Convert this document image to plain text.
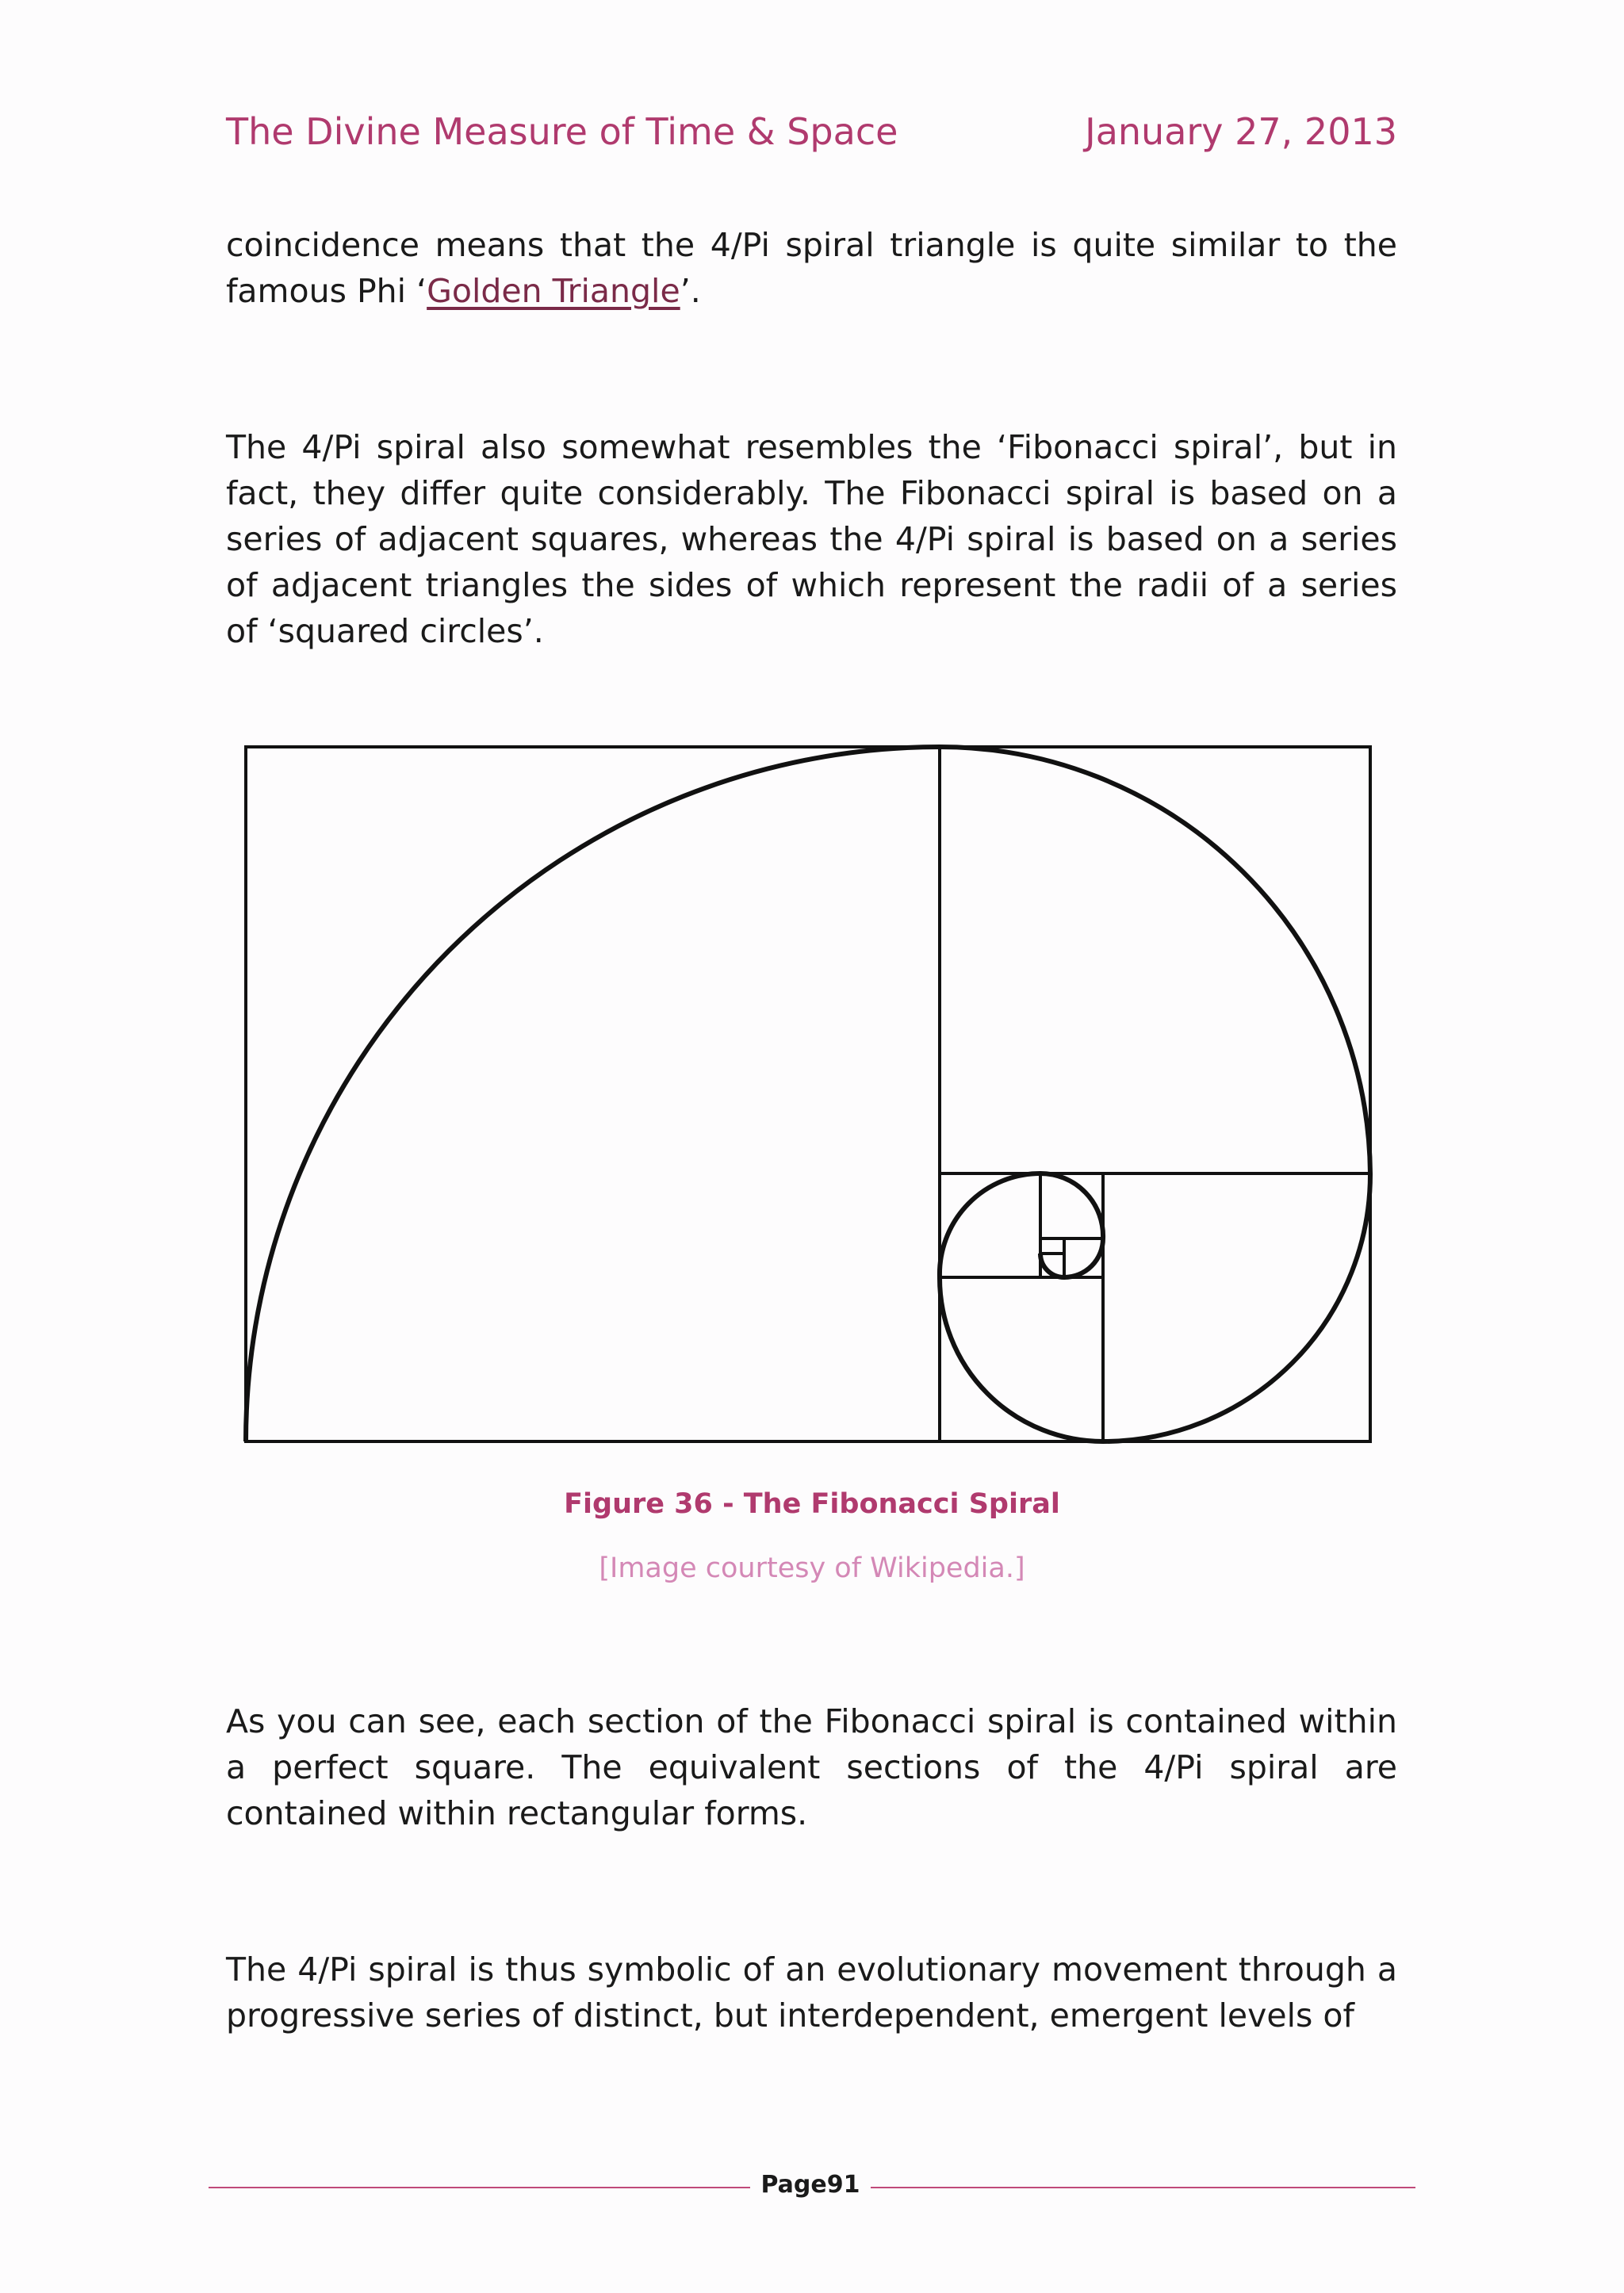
The Divine Measure of Time & Space	January 27, 2013

coincidence means that the 4/Pi spiral triangle is quite similar to the famous Phi ‘Golden Triangle’.

The 4/Pi spiral also somewhat resembles the ‘Fibonacci spiral’, but in fact, they differ quite considerably. The Fibonacci spiral is based on a series of adjacent squares, whereas the 4/Pi spiral is based on a series of adjacent triangles the sides of which represent the radii of a series of ‘squared circles’.

Figure 36 - The Fibonacci Spiral
[Image courtesy of Wikipedia.]

As you can see, each section of the Fibonacci spiral is contained within a perfect square. The equivalent sections of the 4/Pi spiral are contained within rectangular forms.

The 4/Pi spiral is thus symbolic of an evolutionary movement through a progressive series of distinct, but interdependent, emergent levels of

Page91
